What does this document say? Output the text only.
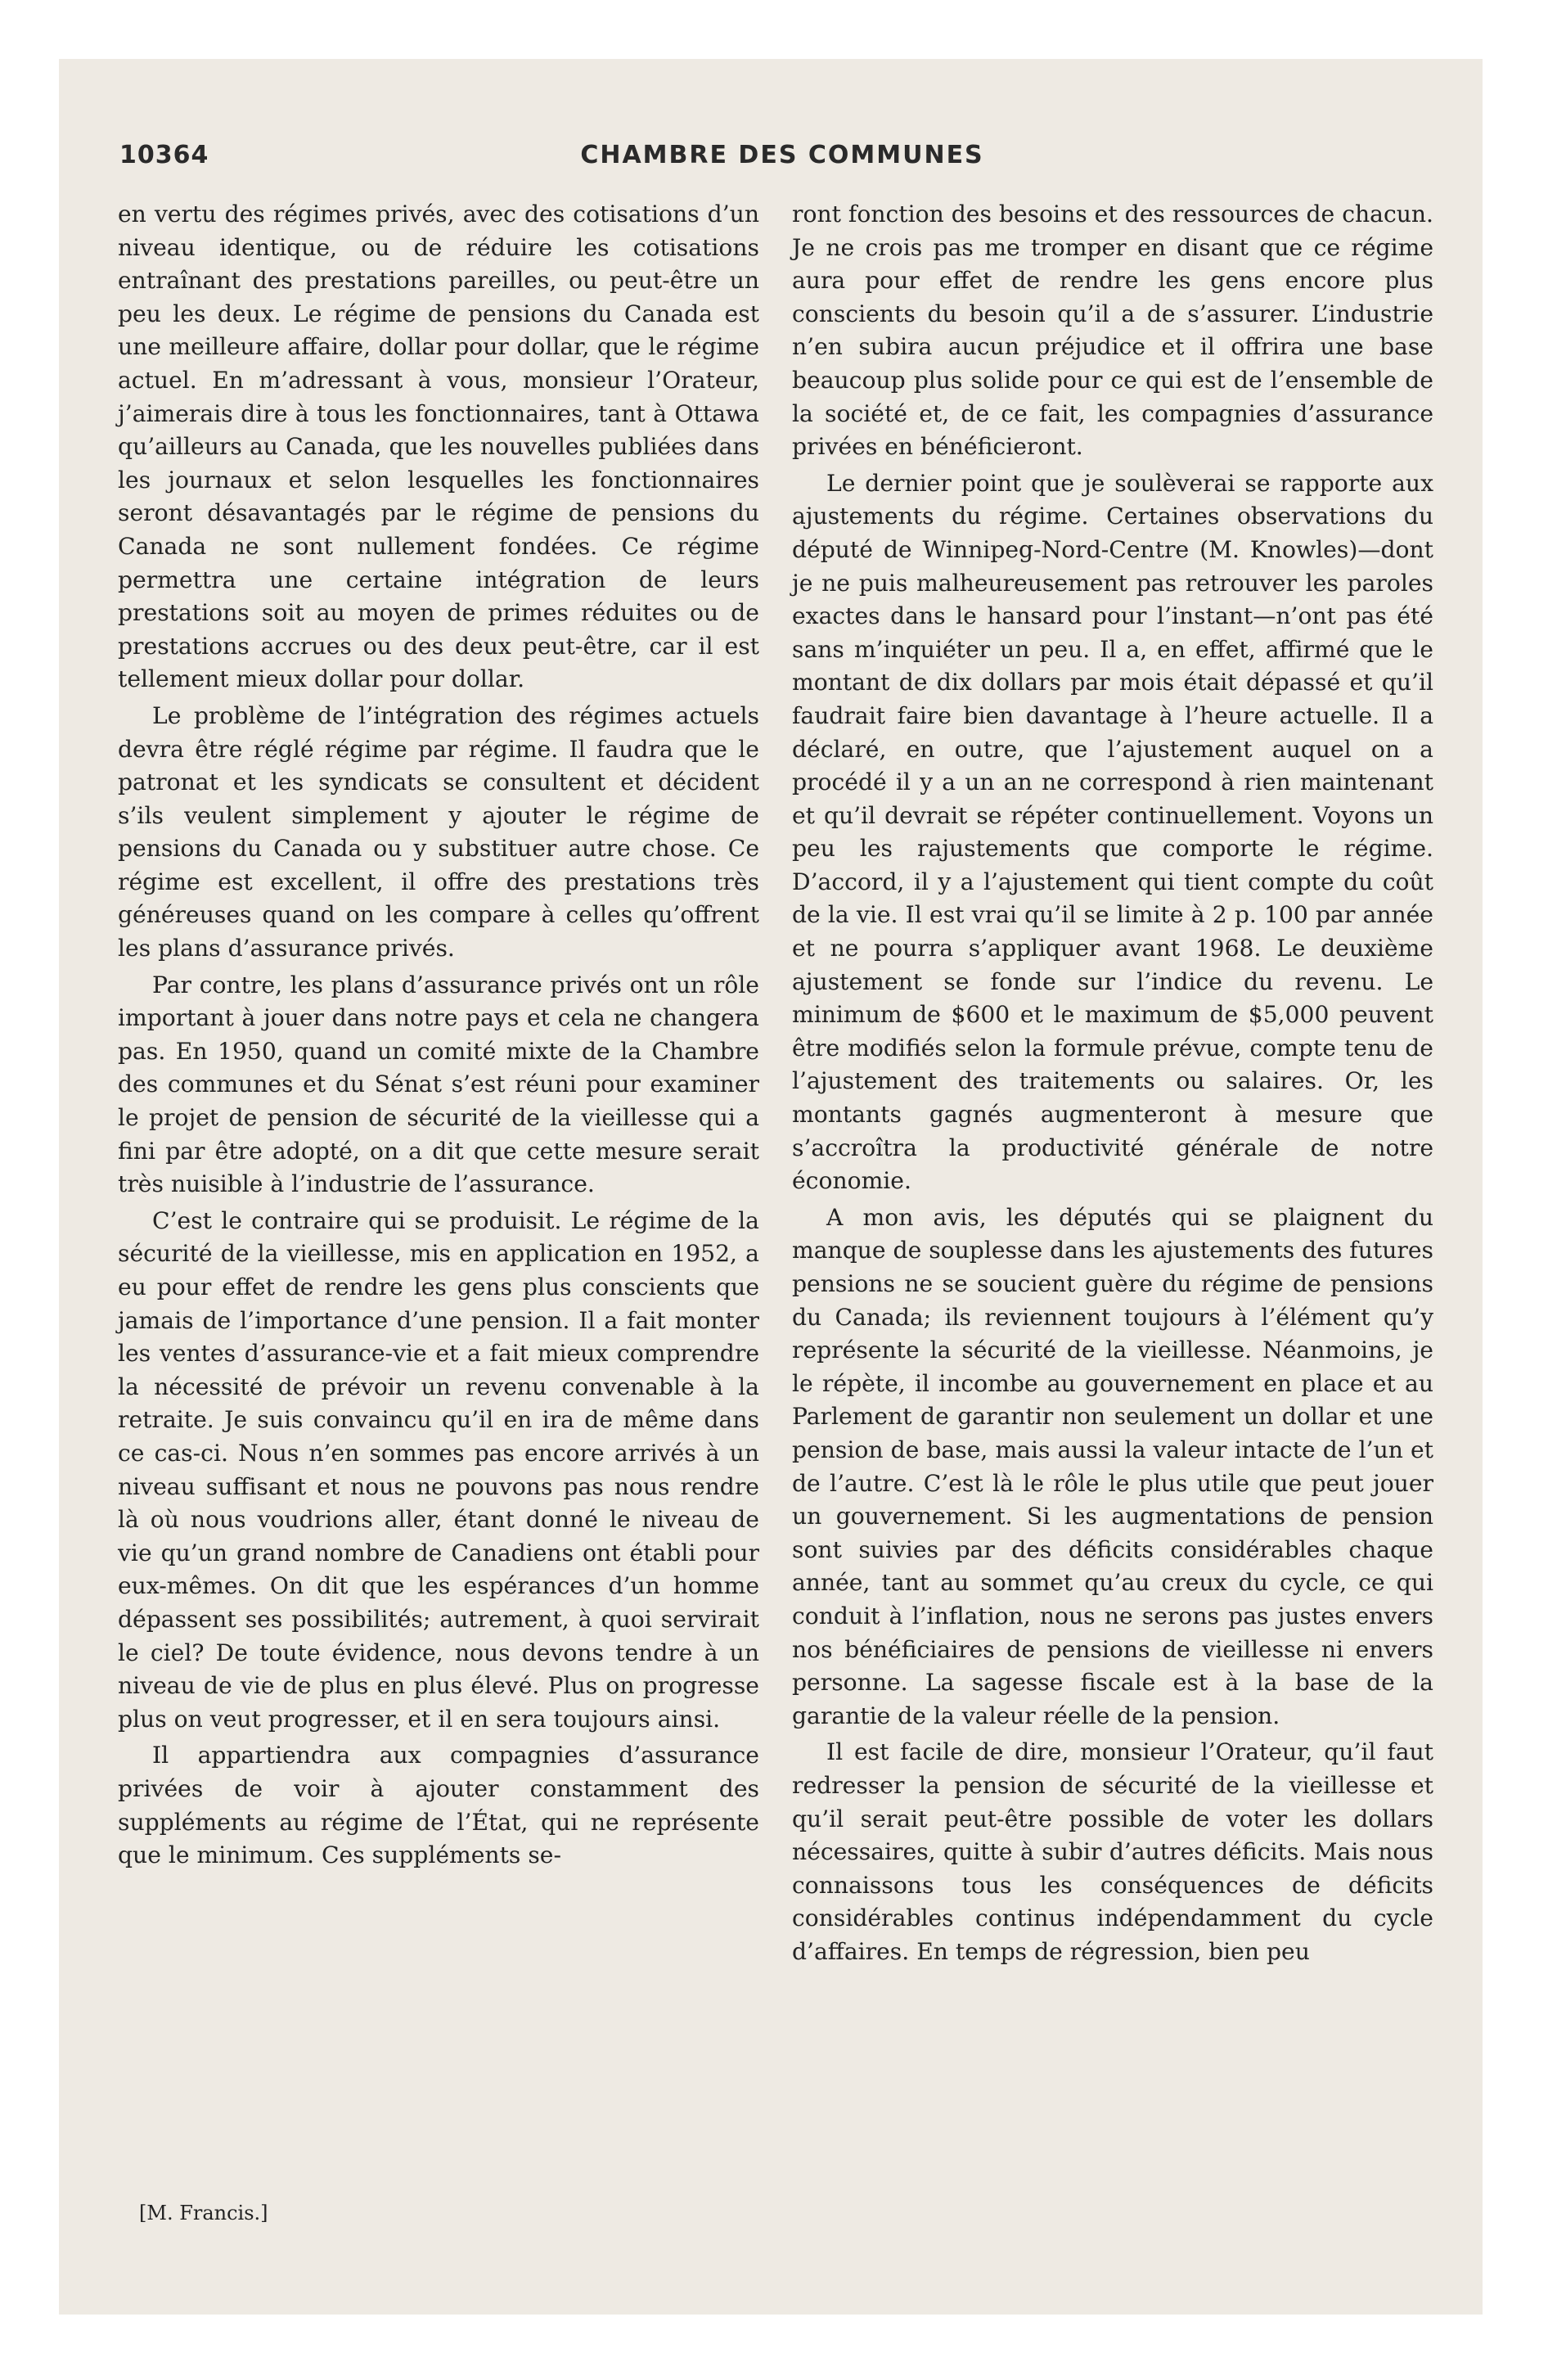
10364	CHAMBRE DES COMMUNES

en vertu des régimes privés, avec des cotisations d’un niveau identique, ou de réduire les cotisations entraînant des prestations pareilles, ou peut-être un peu les deux. Le régime de pensions du Canada est une meilleure affaire, dollar pour dollar, que le régime actuel. En m’adressant à vous, monsieur l’Orateur, j’aimerais dire à tous les fonctionnaires, tant à Ottawa qu’ailleurs au Canada, que les nouvelles publiées dans les journaux et selon lesquelles les fonctionnaires seront désavantagés par le régime de pensions du Canada ne sont nullement fondées. Ce régime permettra une certaine intégration de leurs prestations soit au moyen de primes réduites ou de prestations accrues ou des deux peut-être, car il est tellement mieux dollar pour dollar.

Le problème de l’intégration des régimes actuels devra être réglé régime par régime. Il faudra que le patronat et les syndicats se consultent et décident s’ils veulent simplement y ajouter le régime de pensions du Canada ou y substituer autre chose. Ce régime est excellent, il offre des prestations très généreuses quand on les compare à celles qu’offrent les plans d’assurance privés.

Par contre, les plans d’assurance privés ont un rôle important à jouer dans notre pays et cela ne changera pas. En 1950, quand un comité mixte de la Chambre des communes et du Sénat s’est réuni pour examiner le projet de pension de sécurité de la vieillesse qui a fini par être adopté, on a dit que cette mesure serait très nuisible à l’industrie de l’assurance.

C’est le contraire qui se produisit. Le régime de la sécurité de la vieillesse, mis en application en 1952, a eu pour effet de rendre les gens plus conscients que jamais de l’importance d’une pension. Il a fait monter les ventes d’assurance-vie et a fait mieux comprendre la nécessité de prévoir un revenu convenable à la retraite. Je suis convaincu qu’il en ira de même dans ce cas-ci. Nous n’en sommes pas encore arrivés à un niveau suffisant et nous ne pouvons pas nous rendre là où nous voudrions aller, étant donné le niveau de vie qu’un grand nombre de Canadiens ont établi pour eux-mêmes. On dit que les espérances d’un homme dépassent ses possibilités; autrement, à quoi servirait le ciel? De toute évidence, nous devons tendre à un niveau de vie de plus en plus élevé. Plus on progresse plus on veut progresser, et il en sera toujours ainsi.

Il appartiendra aux compagnies d’assurance privées de voir à ajouter constamment des suppléments au régime de l’État, qui ne représente que le minimum. Ces suppléments se-

ront fonction des besoins et des ressources de chacun. Je ne crois pas me tromper en disant que ce régime aura pour effet de rendre les gens encore plus conscients du besoin qu’il a de s’assurer. L’industrie n’en subira aucun préjudice et il offrira une base beaucoup plus solide pour ce qui est de l’ensemble de la société et, de ce fait, les compagnies d’assurance privées en bénéficieront.

Le dernier point que je soulèverai se rapporte aux ajustements du régime. Certaines observations du député de Winnipeg-Nord-Centre (M. Knowles)—dont je ne puis malheureusement pas retrouver les paroles exactes dans le hansard pour l’instant—n’ont pas été sans m’inquiéter un peu. Il a, en effet, affirmé que le montant de dix dollars par mois était dépassé et qu’il faudrait faire bien davantage à l’heure actuelle. Il a déclaré, en outre, que l’ajustement auquel on a procédé il y a un an ne correspond à rien maintenant et qu’il devrait se répéter continuellement. Voyons un peu les rajustements que comporte le régime. D’accord, il y a l’ajustement qui tient compte du coût de la vie. Il est vrai qu’il se limite à 2 p. 100 par année et ne pourra s’appliquer avant 1968. Le deuxième ajustement se fonde sur l’indice du revenu. Le minimum de $600 et le maximum de $5,000 peuvent être modifiés selon la formule prévue, compte tenu de l’ajustement des traitements ou salaires. Or, les montants gagnés augmenteront à mesure que s’accroîtra la productivité générale de notre économie.

A mon avis, les députés qui se plaignent du manque de souplesse dans les ajustements des futures pensions ne se soucient guère du régime de pensions du Canada; ils reviennent toujours à l’élément qu’y représente la sécurité de la vieillesse. Néanmoins, je le répète, il incombe au gouvernement en place et au Parlement de garantir non seulement un dollar et une pension de base, mais aussi la valeur intacte de l’un et de l’autre. C’est là le rôle le plus utile que peut jouer un gouvernement. Si les augmentations de pension sont suivies par des déficits considérables chaque année, tant au sommet qu’au creux du cycle, ce qui conduit à l’inflation, nous ne serons pas justes envers nos bénéficiaires de pensions de vieillesse ni envers personne. La sagesse fiscale est à la base de la garantie de la valeur réelle de la pension.

Il est facile de dire, monsieur l’Orateur, qu’il faut redresser la pension de sécurité de la vieillesse et qu’il serait peut-être possible de voter les dollars nécessaires, quitte à subir d’autres déficits. Mais nous connaissons tous les conséquences de déficits considérables continus indépendamment du cycle d’affaires. En temps de régression, bien peu

[M. Francis.]
